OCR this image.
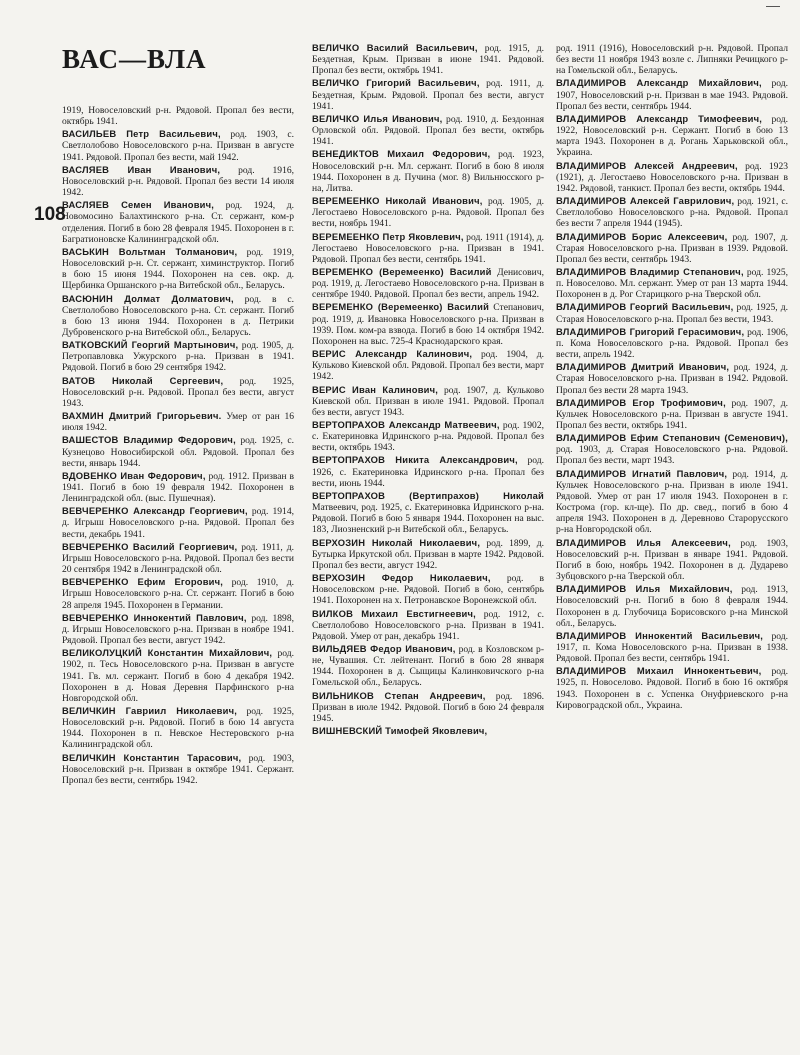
ВАС—ВЛА
108
1919, Новоселовский р-н. Рядовой. Пропал без вести, октябрь 1941.
ВАСИЛЬЕВ Петр Васильевич, род. 1903, с. Светлолобово Новоселовского р-на. Призван в августе 1941. Рядовой. Пропал без вести, май 1942.
ВАСЛЯЕВ Иван Иванович, род. 1916, Новоселовский р-н. Рядовой. Пропал без вести 14 июля 1942.
ВАСЛЯЕВ Семен Иванович, род. 1924, д. Новомосино Балахтинского р-на. Ст. сержант, ком-р отделения. Погиб в бою 28 февраля 1945. Похоронен в г. Багратионовске Калининградской обл.
ВАСЬКИН Вольтман Толманович, род. 1919, Новоселовский р-н. Ст. сержант, химинструктор. Погиб в бою 15 июня 1944. Похоронен на сев. окр. д. Щербинка Оршанского р-на Витебской обл., Беларусь.
ВАСЮНИН Долмат Долматович, род. в с. Светлолобово Новоселовского р-на. Ст. сержант. Погиб в бою 13 июня 1944. Похоронен в д. Петрики Дубровенского р-на Витебской обл., Беларусь.
ВАТКОВСКИЙ Георгий Мартынович, род. 1905, д. Петропавловка Ужурского р-на. Призван в 1941. Рядовой. Погиб в бою 29 сентября 1942.
ВАТОВ Николай Сергеевич, род. 1925, Новоселовский р-н. Рядовой. Пропал без вести, август 1943.
ВАХМИН Дмитрий Григорьевич. Умер от ран 16 июля 1942.
ВАШЕСТОВ Владимир Федорович, род. 1925, с. Кузнецово Новосибирской обл. Рядовой. Пропал без вести, январь 1944.
ВДОВЕНКО Иван Федорович, род. 1912. Призван в 1941. Погиб в бою 19 февраля 1942. Похоронен в Ленинградской обл. (выс. Пушечная).
ВЕВЧЕРЕНКО Александр Георгиевич, род. 1914, д. Игрыш Новоселовского р-на. Рядовой. Пропал без вести, декабрь 1941.
ВЕВЧЕРЕНКО Василий Георгиевич, род. 1911, д. Игрыш Новоселовского р-на. Рядовой. Пропал без вести 20 сентября 1942 в Ленинградской обл.
ВЕВЧЕРЕНКО Ефим Егорович, род. 1910, д. Игрыш Новоселовского р-на. Ст. сержант. Погиб в бою 28 апреля 1945. Похоронен в Германии.
ВЕВЧЕРЕНКО Иннокентий Павлович, род. 1898, д. Игрыш Новоселовского р-на. Призван в ноябре 1941. Рядовой. Пропал без вести, август 1942.
ВЕЛИКОЛУЦКИЙ Константин Михайлович, род. 1902, п. Тесь Новоселовского р-на. Призван в августе 1941. Гв. мл. сержант. Погиб в бою 4 декабря 1942. Похоронен в д. Новая Деревня Парфинского р-на Новгородской обл.
ВЕЛИЧКИН Гавриил Николаевич, род. 1925, Новоселовский р-н. Рядовой. Погиб в бою 14 августа 1944. Похоронен в п. Невское Нестеровского р-на Калининградской обл.
ВЕЛИЧКИН Константин Тарасович, род. 1903, Новоселовский р-н. Призван в октябре 1941. Сержант. Пропал без вести, сентябрь 1942.
ВЕЛИЧКО Василий Васильевич, род. 1915, д. Бездетная, Крым. Призван в июне 1941. Рядовой. Пропал без вести, октябрь 1941.
ВЕЛИЧКО Григорий Васильевич, род. 1911, д. Бездетная, Крым. Рядовой. Пропал без вести, август 1941.
ВЕЛИЧКО Илья Иванович, род. 1910, д. Бездонная Орловской обл. Рядовой. Пропал без вести, октябрь 1941.
ВЕНЕДИКТОВ Михаил Федорович, род. 1923, Новоселовский р-н. Мл. сержант. Погиб в бою 8 июля 1944. Похоронен в д. Пучина (мог. 8) Вильнюсского р-на, Литва.
ВЕРЕМЕЕНКО Николай Иванович, род. 1905, д. Легостаево Новоселовского р-на. Рядовой. Пропал без вести, ноябрь 1941.
ВЕРЕМЕЕНКО Петр Яковлевич, род. 1911 (1914), д. Легостаево Новоселовского р-на. Призван в 1941. Рядовой. Пропал без вести, сентябрь 1941.
ВЕРЕМЕНКО (Веремеенко) Василий Денисович, род. 1919, д. Легостаево Новоселовского р-на. Призван в сентябре 1940. Рядовой. Пропал без вести, апрель 1942.
ВЕРЕМЕНКО (Веремеенко) Василий Степанович, род. 1919, д. Ивановка Новоселовского р-на. Призван в 1939. Пом. ком-ра взвода. Погиб в бою 14 октября 1942. Похоронен на выс. 725-4 Краснодарского края.
ВЕРИС Александр Калинович, род. 1904, д. Кульково Киевской обл. Рядовой. Пропал без вести, март 1942.
ВЕРИС Иван Калинович, род. 1907, д. Кульково Киевской обл. Призван в июле 1941. Рядовой. Пропал без вести, август 1943.
ВЕРТОПРАХОВ Александр Матвеевич, род. 1902, с. Екатериновка Идринского р-на. Рядовой. Пропал без вести, октябрь 1943.
ВЕРТОПРАХОВ Никита Александрович, род. 1926, с. Екатериновка Идринского р-на. Пропал без вести, июнь 1944.
ВЕРТОПРАХОВ (Вертипрахов) Николай Матвеевич, род. 1925, с. Екатериновка Идринского р-на. Рядовой. Погиб в бою 5 января 1944. Похоронен на выс. 183, Лиозненский р-н Витебской обл., Беларусь.
ВЕРХОЗИН Николай Николаевич, род. 1899, д. Бутырка Иркутской обл. Призван в марте 1942. Рядовой. Пропал без вести, август 1942.
ВЕРХОЗИН Федор Николаевич, род. в Новоселовском р-не. Рядовой. Погиб в бою, сентябрь 1941. Похоронен на х. Петронавское Воронежской обл.
ВИЛКОВ Михаил Евстигнеевич, род. 1912, с. Светлолобово Новоселовского р-на. Призван в 1941. Рядовой. Умер от ран, декабрь 1941.
ВИЛЬДЯЕВ Федор Иванович, род. в Козловском р-не, Чувашия. Ст. лейтенант. Погиб в бою 28 января 1944. Похоронен в д. Сыщицы Калинковичского р-на Гомельской обл., Беларусь.
ВИЛЬНИКОВ Степан Андреевич, род. 1896. Призван в июле 1942. Рядовой. Погиб в бою 24 февраля 1945.
ВИШНЕВСКИЙ Тимофей Яковлевич,
род. 1911 (1916), Новоселовский р-н. Рядовой. Пропал без вести 11 ноября 1943 возле с. Липняки Речицкого р-на Гомельской обл., Беларусь.
ВЛАДИМИРОВ Александр Михайлович, род. 1907, Новоселовский р-н. Призван в мае 1943. Рядовой. Пропал без вести, сентябрь 1944.
ВЛАДИМИРОВ Александр Тимофеевич, род. 1922, Новоселовский р-н. Сержант. Погиб в бою 13 марта 1943. Похоронен в д. Рогань Харьковской обл., Украина.
ВЛАДИМИРОВ Алексей Андреевич, род. 1923 (1921), д. Легостаево Новоселовского р-на. Призван в 1942. Рядовой, танкист. Пропал без вести, октябрь 1944.
ВЛАДИМИРОВ Алексей Гаврилович, род. 1921, с. Светлолобово Новоселовского р-на. Рядовой. Пропал без вести 7 апреля 1944 (1945).
ВЛАДИМИРОВ Борис Алексеевич, род. 1907, д. Старая Новоселовского р-на. Призван в 1939. Рядовой. Пропал без вести, сентябрь 1943.
ВЛАДИМИРОВ Владимир Степанович, род. 1925, п. Новоселово. Мл. сержант. Умер от ран 13 марта 1944. Похоронен в д. Рог Старицкого р-на Тверской обл.
ВЛАДИМИРОВ Георгий Васильевич, род. 1925, д. Старая Новоселовского р-на. Пропал без вести, 1943.
ВЛАДИМИРОВ Григорий Герасимович, род. 1906, п. Кома Новоселовского р-на. Рядовой. Пропал без вести, апрель 1942.
ВЛАДИМИРОВ Дмитрий Иванович, род. 1924, д. Старая Новоселовского р-на. Призван в 1942. Рядовой. Пропал без вести 28 марта 1943.
ВЛАДИМИРОВ Егор Трофимович, род. 1907, д. Кульчек Новоселовского р-на. Призван в августе 1941. Пропал без вести, октябрь 1941.
ВЛАДИМИРОВ Ефим Степанович (Семенович), род. 1903, д. Старая Новоселовского р-на. Рядовой. Пропал без вести, март 1943.
ВЛАДИМИРОВ Игнатий Павлович, род. 1914, д. Кульчек Новоселовского р-на. Призван в июле 1941. Рядовой. Умер от ран 17 июля 1943. Похоронен в г. Кострома (гор. кл-ще). По др. свед., погиб в бою 4 апреля 1943. Похоронен в д. Деревново Старорусского р-на Новгородской обл.
ВЛАДИМИРОВ Илья Алексеевич, род. 1903, Новоселовский р-н. Призван в январе 1941. Рядовой. Погиб в бою, ноябрь 1942. Похоронен в д. Дударево Зубцовского р-на Тверской обл.
ВЛАДИМИРОВ Илья Михайлович, род. 1913, Новоселовский р-н. Погиб в бою 8 февраля 1944. Похоронен в д. Глубочица Борисовского р-на Минской обл., Беларусь.
ВЛАДИМИРОВ Иннокентий Васильевич, род. 1917, п. Кома Новоселовского р-на. Призван в 1938. Рядовой. Пропал без вести, сентябрь 1941.
ВЛАДИМИРОВ Михаил Иннокентьевич, род. 1925, п. Новоселово. Рядовой. Погиб в бою 16 октября 1943. Похоронен в с. Успенка Онуфриевского р-на Кировоградской обл., Украина.
